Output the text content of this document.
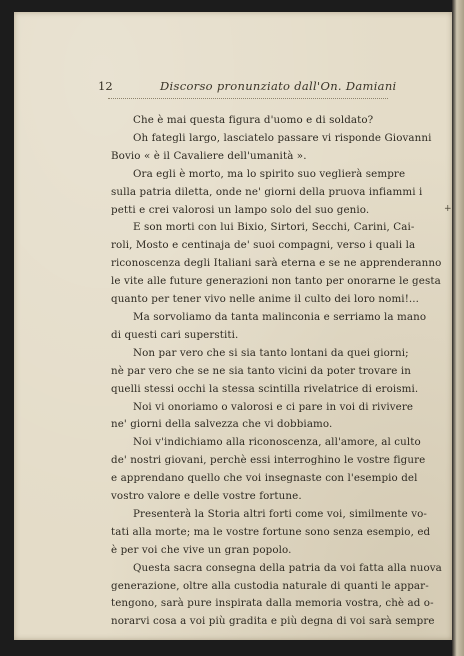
12	Discorso pronunziato dall'On. Damiani
Che è mai questa figura d'uomo e di soldato?
Oh fategli largo, lasciatelo passare vi risponde Giovanni
Bovio « è il Cavaliere dell'umanità ».
Ora egli è morto, ma lo spirito suo veglierà sempre
sulla patria diletta, onde ne' giorni della pruova infiammi i
petti e crei valorosi un lampo solo del suo genio.
E son morti con lui Bixio, Sirtori, Secchi, Carini, Cai-
roli, Mosto e centinaja de' suoi compagni, verso i quali la
riconoscenza degli Italiani sarà eterna e se ne apprenderanno
le vite alle future generazioni non tanto per onorarne le gesta
quanto per tener vivo nelle anime il culto dei loro nomi!...
Ma sorvoliamo da tanta malinconia e serriamo la mano
di questi cari superstiti.
Non par vero che si sia tanto lontani da quei giorni;
nè par vero che se ne sia tanto vicini da poter trovare in
quelli stessi occhi la stessa scintilla rivelatrice di eroismi.
Noi vi onoriamo o valorosi e ci pare in voi di rivivere
ne' giorni della salvezza che vi dobbiamo.
Noi v'indichiamo alla riconoscenza, all'amore, al culto
de' nostri giovani, perchè essi interroghino le vostre figure
e apprendano quello che voi insegnaste con l'esempio del
vostro valore e delle vostre fortune.
Presenterà la Storia altri forti come voi, similmente vo-
tati alla morte; ma le vostre fortune sono senza esempio, ed
è per voi che vive un gran popolo.
Questa sacra consegna della patria da voi fatta alla nuova
generazione, oltre alla custodia naturale di quanti le appar-
tengono, sarà pure inspirata dalla memoria vostra, chè ad o-
norarvi cosa a voi più gradita e più degna di voi sarà sempre
+
